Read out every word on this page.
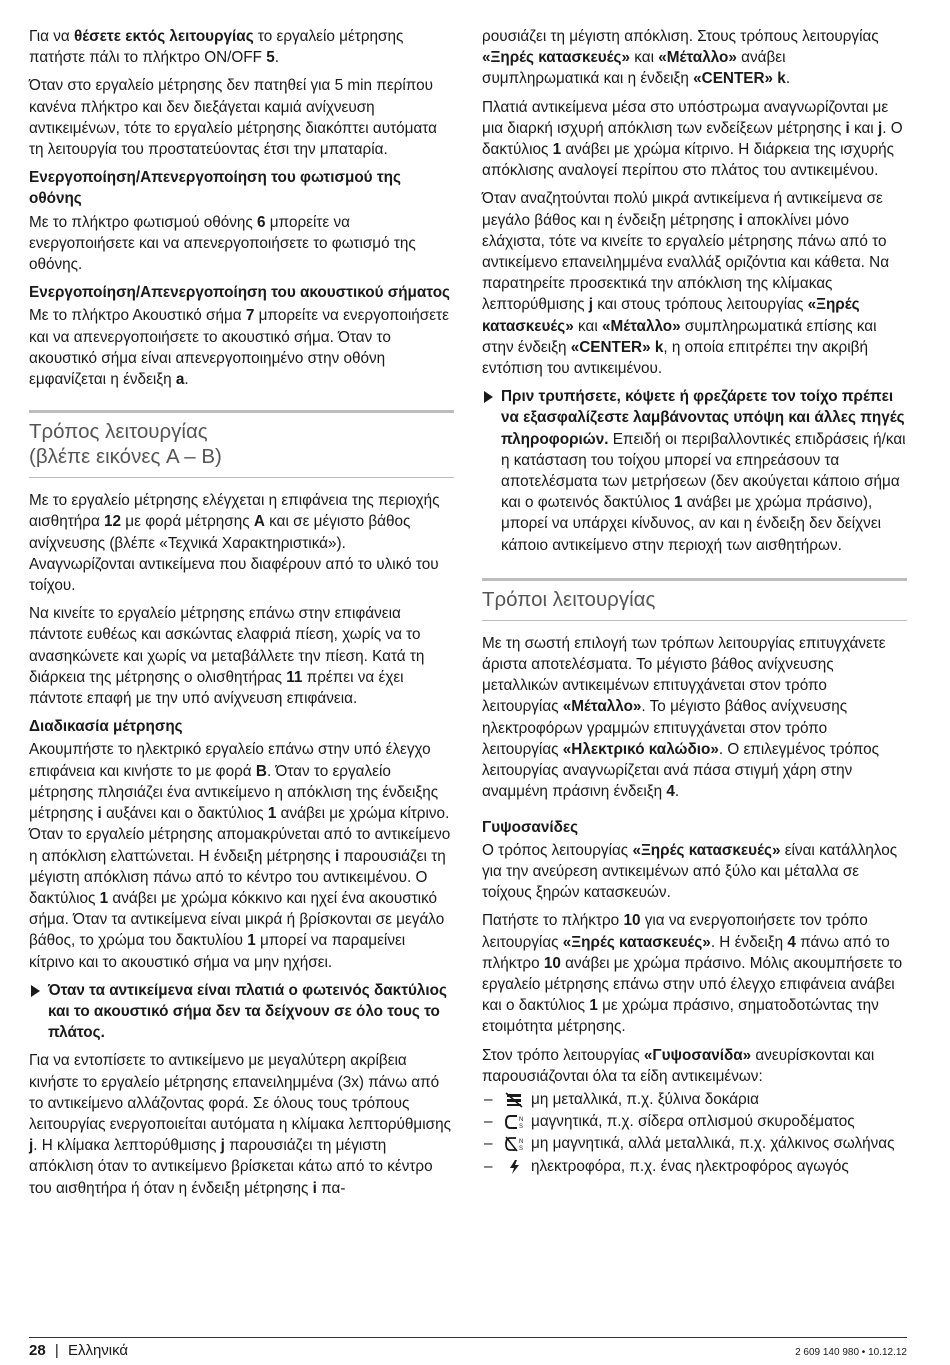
Για να θέσετε εκτός λειτουργίας το εργαλείο μέτρησης πατήστε πάλι το πλήκτρο ON/OFF 5.

Όταν στο εργαλείο μέτρησης δεν πατηθεί για 5 min περίπου κανένα πλήκτρο και δεν διεξάγεται καμιά ανίχνευση αντικειμένων, τότε το εργαλείο μέτρησης διακόπτει αυτόματα τη λειτουργία του προστατεύοντας έτσι την μπαταρία.

Ενεργοποίηση/Απενεργοποίηση του φωτισμού της οθόνης

Με το πλήκτρο φωτισμού οθόνης 6 μπορείτε να ενεργοποιήσετε και να απενεργοποιήσετε το φωτισμό της οθόνης.

Ενεργοποίηση/Απενεργοποίηση του ακουστικού σήματος

Με το πλήκτρο Ακουστικό σήμα 7 μπορείτε να ενεργοποιήσετε και να απενεργοποιήσετε το ακουστικό σήμα. Όταν το ακουστικό σήμα είναι απενεργοποιημένο στην οθόνη εμφανίζεται η ένδειξη a.

Τρόπος λειτουργίας
(βλέπε εικόνες A – B)

Με το εργαλείο μέτρησης ελέγχεται η επιφάνεια της περιοχής αισθητήρα 12 με φορά μέτρησης A και σε μέγιστο βάθος ανίχνευσης (βλέπε «Τεχνικά Χαρακτηριστικά»). Αναγνωρίζονται αντικείμενα που διαφέρουν από το υλικό του τοίχου.

Να κινείτε το εργαλείο μέτρησης επάνω στην επιφάνεια πάντοτε ευθέως και ασκώντας ελαφριά πίεση, χωρίς να το ανασηκώνετε και χωρίς να μεταβάλλετε την πίεση. Κατά τη διάρκεια της μέτρησης ο ολισθητήρας 11 πρέπει να έχει πάντοτε επαφή με την υπό ανίχνευση επιφάνεια.

Διαδικασία μέτρησης

Ακουμπήστε το ηλεκτρικό εργαλείο επάνω στην υπό έλεγχο επιφάνεια και κινήστε το με φορά B. Όταν το εργαλείο μέτρησης πλησιάζει ένα αντικείμενο η απόκλιση της ένδειξης μέτρησης i αυξάνει και ο δακτύλιος 1 ανάβει με χρώμα κίτρινο. Όταν το εργαλείο μέτρησης απομακρύνεται από το αντικείμενο η απόκλιση ελαττώνεται. Η ένδειξη μέτρησης i παρουσιάζει τη μέγιστη απόκλιση πάνω από το κέντρο του αντικειμένου. Ο δακτύλιος 1 ανάβει με χρώμα κόκκινο και ηχεί ένα ακουστικό σήμα. Όταν τα αντικείμενα είναι μικρά ή βρίσκονται σε μεγάλο βάθος, το χρώμα του δακτυλίου 1 μπορεί να παραμείνει κίτρινο και το ακουστικό σήμα να μην ηχήσει.

Όταν τα αντικείμενα είναι πλατιά ο φωτεινός δακτύλιος και το ακουστικό σήμα δεν τα δείχνουν σε όλο τους το πλάτος.

Για να εντοπίσετε το αντικείμενο με μεγαλύτερη ακρίβεια κινήστε το εργαλείο μέτρησης επανειλημμένα (3x) πάνω από το αντικείμενο αλλάζοντας φορά. Σε όλους τους τρόπους λειτουργίας ενεργοποιείται αυτόματα η κλίμακα λεπτορύθμισης j. Η κλίμακα λεπτορύθμισης j παρουσιάζει τη μέγιστη απόκλιση όταν το αντικείμενο βρίσκεται κάτω από το κέντρο του αισθητήρα ή όταν η ένδειξη μέτρησης i πα-

ρουσιάζει τη μέγιστη απόκλιση. Στους τρόπους λειτουργίας «Ξηρές κατασκευές» και «Μέταλλο» ανάβει συμπληρωματικά και η ένδειξη «CENTER» k.

Πλατιά αντικείμενα μέσα στο υπόστρωμα αναγνωρίζονται με μια διαρκή ισχυρή απόκλιση των ενδείξεων μέτρησης i και j. Ο δακτύλιος 1 ανάβει με χρώμα κίτρινο. Η διάρκεια της ισχυρής απόκλισης αναλογεί περίπου στο πλάτος του αντικειμένου.

Όταν αναζητούνται πολύ μικρά αντικείμενα ή αντικείμενα σε μεγάλο βάθος και η ένδειξη μέτρησης i αποκλίνει μόνο ελάχιστα, τότε να κινείτε το εργαλείο μέτρησης πάνω από το αντικείμενο επανειλημμένα εναλλάξ οριζόντια και κάθετα. Να παρατηρείτε προσεκτικά την απόκλιση της κλίμακας λεπτορύθμισης j και στους τρόπους λειτουργίας «Ξηρές κατασκευές» και «Μέταλλο» συμπληρωματικά επίσης και στην ένδειξη «CENTER» k, η οποία επιτρέπει την ακριβή εντόπιση του αντικειμένου.

Πριν τρυπήσετε, κόψετε ή φρεζάρετε τον τοίχο πρέπει να εξασφαλίζεστε λαμβάνοντας υπόψη και άλλες πηγές πληροφοριών. Επειδή οι περιβαλλοντικές επιδράσεις ή/και η κατάσταση του τοίχου μπορεί να επηρεάσουν τα αποτελέσματα των μετρήσεων (δεν ακούγεται κάποιο σήμα και ο φωτεινός δακτύλιος 1 ανάβει με χρώμα πράσινο), μπορεί να υπάρχει κίνδυνος, αν και η ένδειξη δεν δείχνει κάποιο αντικείμενο στην περιοχή των αισθητήρων.
Τρόποι λειτουργίας

Με τη σωστή επιλογή των τρόπων λειτουργίας επιτυγχάνετε άριστα αποτελέσματα. Το μέγιστο βάθος ανίχνευσης μεταλλικών αντικειμένων επιτυγχάνεται στον τρόπο λειτουργίας «Μέταλλο». Το μέγιστο βάθος ανίχνευσης ηλεκτροφόρων γραμμών επιτυγχάνεται στον τρόπο λειτουργίας «Ηλεκτρικό καλώδιο». Ο επιλεγμένος τρόπος λειτουργίας αναγνωρίζεται ανά πάσα στιγμή χάρη στην αναμμένη πράσινη ένδειξη 4.

Γυψοσανίδες

Ο τρόπος λειτουργίας «Ξηρές κατασκευές» είναι κατάλληλος για την ανεύρεση αντικειμένων από ξύλο και μέταλλα σε τοίχους ξηρών κατασκευών.

Πατήστε το πλήκτρο 10 για να ενεργοποιήσετε τον τρόπο λειτουργίας «Ξηρές κατασκευές». Η ένδειξη 4 πάνω από το πλήκτρο 10 ανάβει με χρώμα πράσινο. Μόλις ακουμπήσετε το εργαλείο μέτρησης επάνω στην υπό έλεγχο επιφάνεια ανάβει και ο δακτύλιος 1 με χρώμα πράσινο, σηματοδοτώντας την ετοιμότητα μέτρησης.

Στον τρόπο λειτουργίας «Γυψοσανίδα» ανευρίσκονται και παρουσιάζονται όλα τα είδη αντικειμένων:

–	μη μεταλλικά, π.χ. ξύλινα δοκάρια
–	N
S μαγνητικά, π.χ. σίδερα οπλισμού σκυροδέματος
–	N
S μη μαγνητικά, αλλά μεταλλικά, π.χ. χάλκινος σωλήνας
–	ηλεκτροφόρα, π.χ. ένας ηλεκτροφόρος αγωγός
28 | Ελληνικά	2 609 140 980 • 10.12.12
